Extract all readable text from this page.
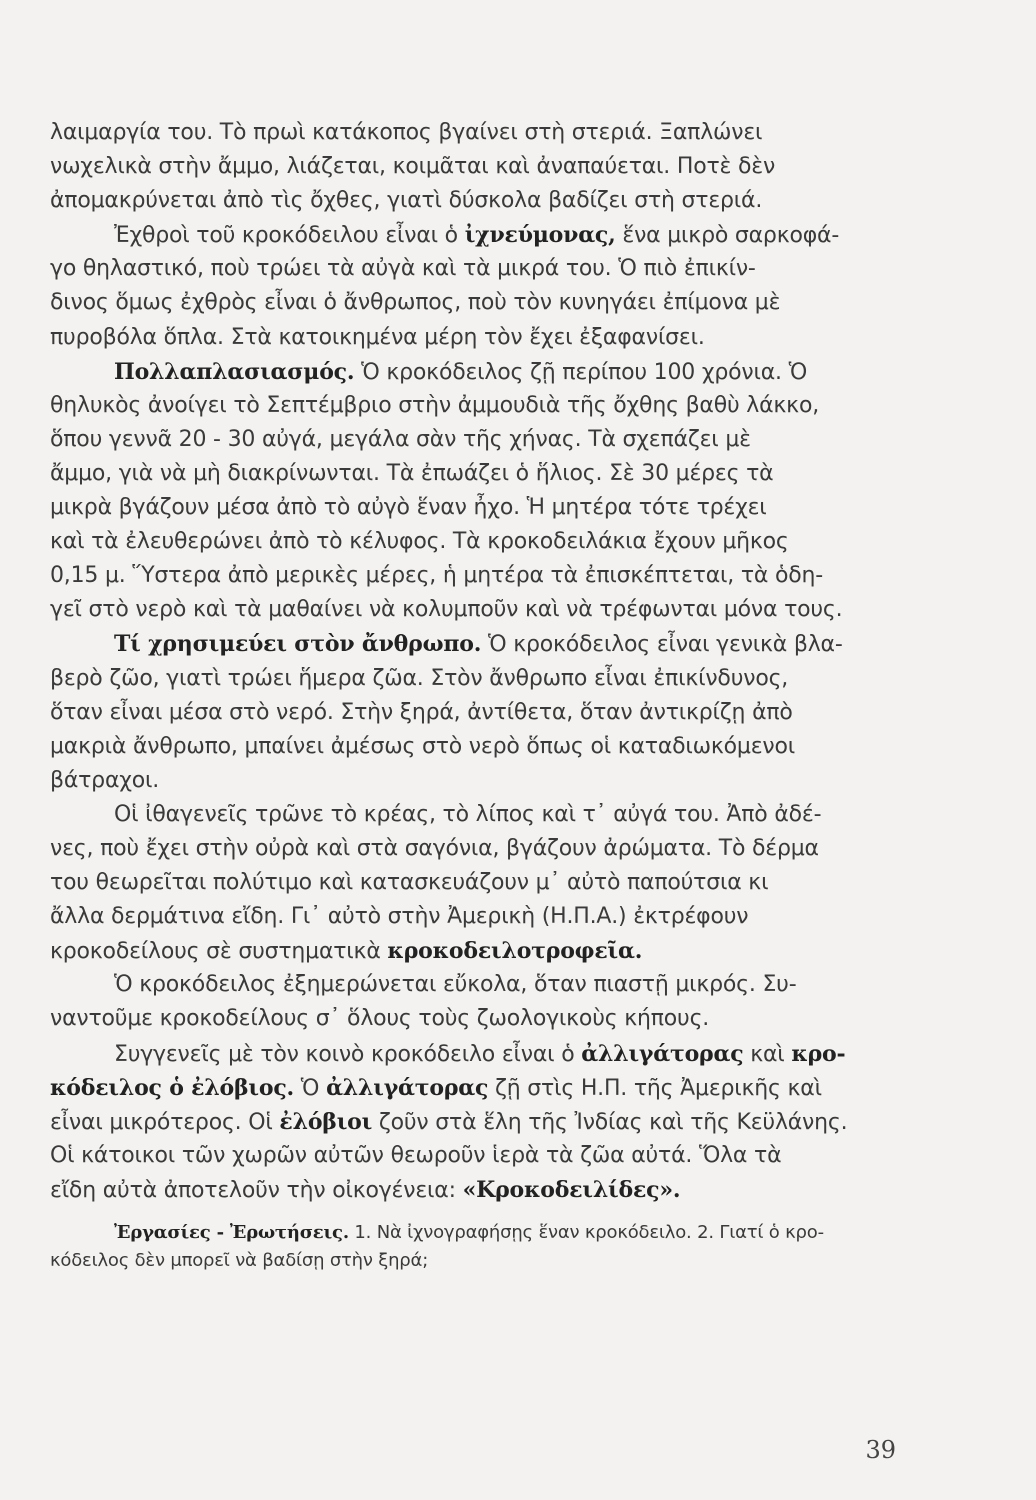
λαιμαργία του. Τὸ πρωὶ κατάκοπος βγαίνει στὴ στεριά. Ξαπλώνει
νωχελικὰ στὴν ἄμμο, λιάζεται, κοιμᾶται καὶ ἀναπαύεται. Ποτὲ δὲν
ἀπομακρύνεται ἀπὸ τὶς ὄχθες, γιατὶ δύσκολα βαδίζει στὴ στεριά.
Ἐχθροὶ τοῦ κροκόδειλου εἶναι ὁ ἰχνεύμονας, ἕνα μικρὸ σαρκοφά-
γο θηλαστικό, ποὺ τρώει τὰ αὐγὰ καὶ τὰ μικρά του. Ὁ πιὸ ἐπικίν-
δινος ὅμως ἐχθρὸς εἶναι ὁ ἄνθρωπος, ποὺ τὸν κυνηγάει ἐπίμονα μὲ
πυροβόλα ὅπλα. Στὰ κατοικημένα μέρη τὸν ἔχει ἐξαφανίσει.
Πολλαπλασιασμός. Ὁ κροκόδειλος ζῇ περίπου 100 χρόνια. Ὁ
θηλυκὸς ἀνοίγει τὸ Σεπτέμβριο στὴν ἀμμουδιὰ τῆς ὄχθης βαθὺ λάκκο,
ὅπου γεννᾶ 20 - 30 αὐγά, μεγάλα σὰν τῆς χήνας. Τὰ σχεπάζει μὲ
ἄμμο, γιὰ νὰ μὴ διακρίνωνται. Τὰ ἐπωάζει ὁ ἥλιος. Σὲ 30 μέρες τὰ
μικρὰ βγάζουν μέσα ἀπὸ τὸ αὐγὸ ἕναν ἦχο. Ἡ μητέρα τότε τρέχει
καὶ τὰ ἐλευθερώνει ἀπὸ τὸ κέλυφος. Τὰ κροκοδειλάκια ἔχουν μῆκος
0,15 μ. Ὕστερα ἀπὸ μερικὲς μέρες, ἡ μητέρα τὰ ἐπισκέπτεται, τὰ ὁδη-
γεῖ στὸ νερὸ καὶ τὰ μαθαίνει νὰ κολυμποῦν καὶ νὰ τρέφωνται μόνα τους.
Τί χρησιμεύει στὸν ἄνθρωπο. Ὁ κροκόδειλος εἶναι γενικὰ βλα-
βερὸ ζῶο, γιατὶ τρώει ἥμερα ζῶα. Στὸν ἄνθρωπο εἶναι ἐπικίνδυνος,
ὅταν εἶναι μέσα στὸ νερό. Στὴν ξηρά, ἀντίθετα, ὅταν ἀντικρίζῃ ἀπὸ
μακριὰ ἄνθρωπο, μπαίνει ἀμέσως στὸ νερὸ ὅπως οἱ καταδιωκόμενοι
βάτραχοι.
Οἱ ἰθαγενεῖς τρῶνε τὸ κρέας, τὸ λίπος καὶ τ᾽ αὐγά του. Ἀπὸ ἀδέ-
νες, ποὺ ἔχει στὴν οὐρὰ καὶ στὰ σαγόνια, βγάζουν ἀρώματα. Τὸ δέρμα
του θεωρεῖται πολύτιμο καὶ κατασκευάζουν μ᾽ αὐτὸ παπούτσια κι
ἄλλα δερμάτινα εἴδη. Γι᾽ αὐτὸ στὴν Ἀμερικὴ (Η.Π.Α.) ἐκτρέφουν
κροκοδείλους σὲ συστηματικὰ κροκοδειλοτροφεῖα.
Ὁ κροκόδειλος ἐξημερώνεται εὔκολα, ὅταν πιαστῇ μικρός. Συ-
ναντοῦμε κροκοδείλους σ᾽ ὅλους τοὺς ζωολογικοὺς κήπους.
Συγγενεῖς μὲ τὸν κοινὸ κροκόδειλο εἶναι ὁ ἀλλιγάτορας καὶ κρο-
κόδειλος ὁ ἐλόβιος. Ὁ ἀλλιγάτορας ζῇ στὶς Η.Π. τῆς Ἀμερικῆς καὶ
εἶναι μικρότερος. Οἱ ἐλόβιοι ζοῦν στὰ ἕλη τῆς Ἰνδίας καὶ τῆς Κεϋλάνης.
Οἱ κάτοικοι τῶν χωρῶν αὐτῶν θεωροῦν ἱερὰ τὰ ζῶα αὐτά. Ὅλα τὰ
εἴδη αὐτὰ ἀποτελοῦν τὴν οἰκογένεια: «Κροκοδειλίδες».
Ἐργασίες - Ἐρωτήσεις. 1. Νὰ ἰχνογραφήσῃς ἕναν κροκόδειλο. 2. Γιατί ὁ κρο-
κόδειλος δὲν μπορεῖ νὰ βαδίσῃ στὴν ξηρά;
39
